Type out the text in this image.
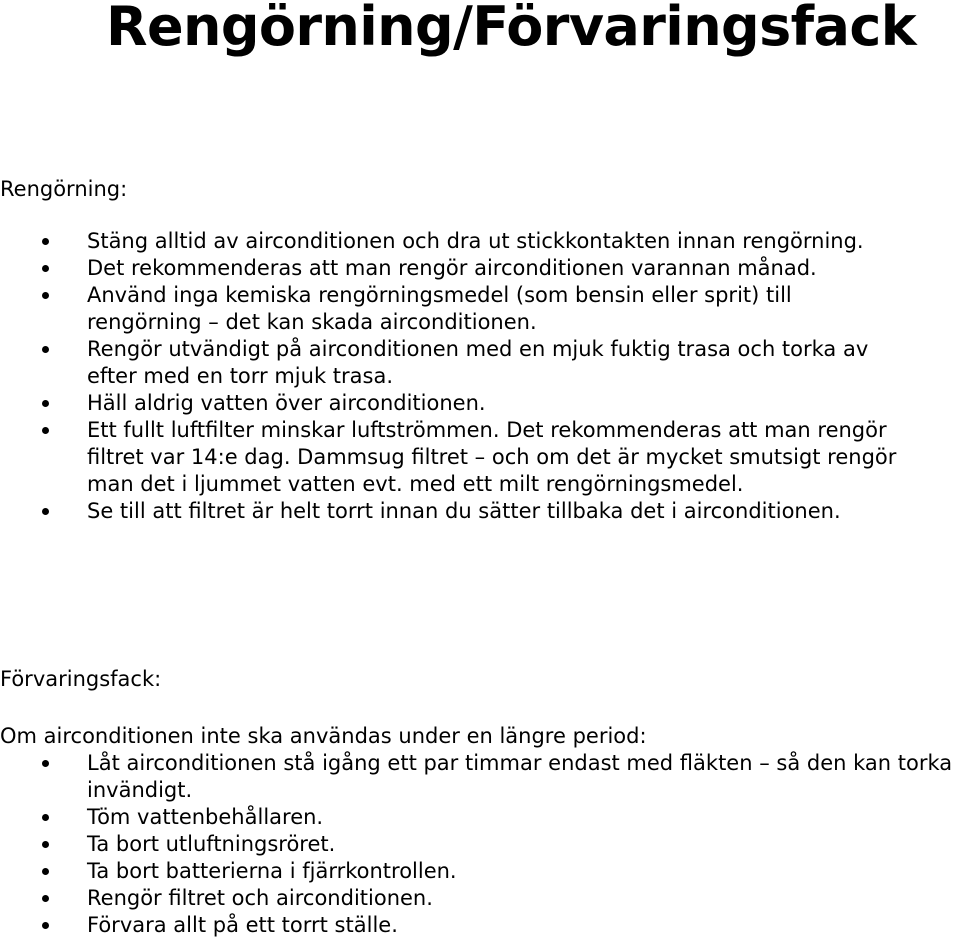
Rengörning/Förvaringsfack
Rengörning:
Stäng alltid av airconditionen och dra ut stickkontakten innan rengörning.
Det rekommenderas att man rengör airconditionen varannan månad.
Använd inga kemiska rengörningsmedel (som bensin eller sprit) till rengörning – det kan skada airconditionen.
Rengör utvändigt på airconditionen med en mjuk fuktig trasa och torka av efter med en torr mjuk trasa.
Häll aldrig vatten över airconditionen.
Ett fullt luftfilter minskar luftströmmen. Det rekommenderas att man rengör filtret var 14:e dag. Dammsug filtret – och om det är mycket smutsigt rengör man det i ljummet vatten evt. med ett milt rengörningsmedel.
Se till att filtret är helt torrt innan du sätter tillbaka det i airconditionen.
Förvaringsfack:

Om airconditionen inte ska användas under en längre period:

Låt airconditionen stå igång ett par timmar endast med fläkten – så den kan torka invändigt.
Töm vattenbehållaren.
Ta bort utluftningsröret.
Ta bort batterierna i fjärrkontrollen.
Rengör filtret och airconditionen.
Förvara allt på ett torrt ställe.
